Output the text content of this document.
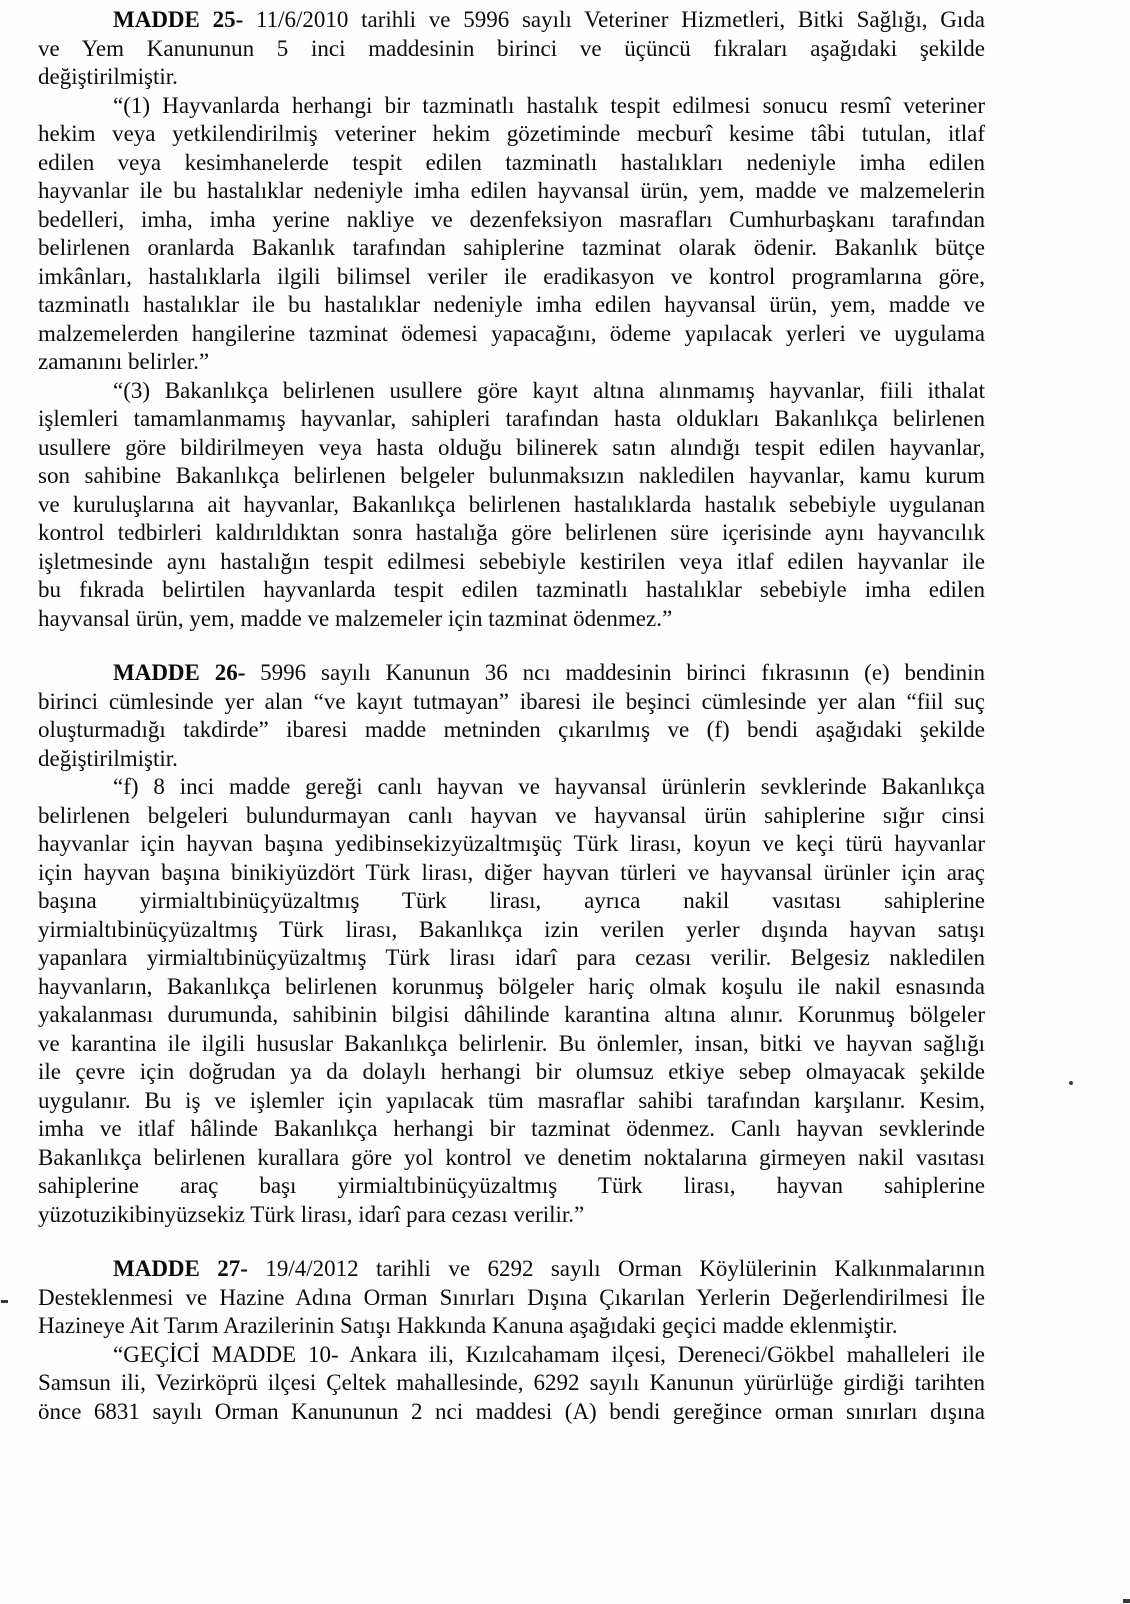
MADDE 25- 11/6/2010 tarihli ve 5996 sayılı Veteriner Hizmetleri, Bitki Sağlığı, Gıda
ve Yem Kanununun 5 inci maddesinin birinci ve üçüncü fıkraları aşağıdaki şekilde
değiştirilmiştir.

“(1) Hayvanlarda herhangi bir tazminatlı hastalık tespit edilmesi sonucu resmî veteriner
hekim veya yetkilendirilmiş veteriner hekim gözetiminde mecburî kesime tâbi tutulan, itlaf
edilen veya kesimhanelerde tespit edilen tazminatlı hastalıkları nedeniyle imha edilen
hayvanlar ile bu hastalıklar nedeniyle imha edilen hayvansal ürün, yem, madde ve malzemelerin
bedelleri, imha, imha yerine nakliye ve dezenfeksiyon masrafları Cumhurbaşkanı tarafından
belirlenen oranlarda Bakanlık tarafından sahiplerine tazminat olarak ödenir. Bakanlık bütçe
imkânları, hastalıklarla ilgili bilimsel veriler ile eradikasyon ve kontrol programlarına göre,
tazminatlı hastalıklar ile bu hastalıklar nedeniyle imha edilen hayvansal ürün, yem, madde ve
malzemelerden hangilerine tazminat ödemesi yapacağını, ödeme yapılacak yerleri ve uygulama
zamanını belirler.”

“(3) Bakanlıkça belirlenen usullere göre kayıt altına alınmamış hayvanlar, fiili ithalat
işlemleri tamamlanmamış hayvanlar, sahipleri tarafından hasta oldukları Bakanlıkça belirlenen
usullere göre bildirilmeyen veya hasta olduğu bilinerek satın alındığı tespit edilen hayvanlar,
son sahibine Bakanlıkça belirlenen belgeler bulunmaksızın nakledilen hayvanlar, kamu kurum
ve kuruluşlarına ait hayvanlar, Bakanlıkça belirlenen hastalıklarda hastalık sebebiyle uygulanan
kontrol tedbirleri kaldırıldıktan sonra hastalığa göre belirlenen süre içerisinde aynı hayvancılık
işletmesinde aynı hastalığın tespit edilmesi sebebiyle kestirilen veya itlaf edilen hayvanlar ile
bu fıkrada belirtilen hayvanlarda tespit edilen tazminatlı hastalıklar sebebiyle imha edilen
hayvansal ürün, yem, madde ve malzemeler için tazminat ödenmez.”

MADDE 26- 5996 sayılı Kanunun 36 ncı maddesinin birinci fıkrasının (e) bendinin
birinci cümlesinde yer alan “ve kayıt tutmayan” ibaresi ile beşinci cümlesinde yer alan “fiil suç
oluşturmadığı takdirde” ibaresi madde metninden çıkarılmış ve (f) bendi aşağıdaki şekilde
değiştirilmiştir.

“f) 8 inci madde gereği canlı hayvan ve hayvansal ürünlerin sevklerinde Bakanlıkça
belirlenen belgeleri bulundurmayan canlı hayvan ve hayvansal ürün sahiplerine sığır cinsi
hayvanlar için hayvan başına yedibinsekizyüzaltmışüç Türk lirası, koyun ve keçi türü hayvanlar
için hayvan başına binikiyüzdört Türk lirası, diğer hayvan türleri ve hayvansal ürünler için araç
başına yirmialtıbinüçyüzaltmış Türk lirası, ayrıca nakil vasıtası sahiplerine
yirmialtıbinüçyüzaltmış Türk lirası, Bakanlıkça izin verilen yerler dışında hayvan satışı
yapanlara yirmialtıbinüçyüzaltmış Türk lirası idarî para cezası verilir. Belgesiz nakledilen
hayvanların, Bakanlıkça belirlenen korunmuş bölgeler hariç olmak koşulu ile nakil esnasında
yakalanması durumunda, sahibinin bilgisi dâhilinde karantina altına alınır. Korunmuş bölgeler
ve karantina ile ilgili hususlar Bakanlıkça belirlenir. Bu önlemler, insan, bitki ve hayvan sağlığı
ile çevre için doğrudan ya da dolaylı herhangi bir olumsuz etkiye sebep olmayacak şekilde
uygulanır. Bu iş ve işlemler için yapılacak tüm masraflar sahibi tarafından karşılanır. Kesim,
imha ve itlaf hâlinde Bakanlıkça herhangi bir tazminat ödenmez. Canlı hayvan sevklerinde
Bakanlıkça belirlenen kurallara göre yol kontrol ve denetim noktalarına girmeyen nakil vasıtası
sahiplerine araç başı yirmialtıbinüçyüzaltmış Türk lirası, hayvan sahiplerine
yüzotuzikibinyüzsekiz Türk lirası, idarî para cezası verilir.”

MADDE 27- 19/4/2012 tarihli ve 6292 sayılı Orman Köylülerinin Kalkınmalarının
Desteklenmesi ve Hazine Adına Orman Sınırları Dışına Çıkarılan Yerlerin Değerlendirilmesi İle
Hazineye Ait Tarım Arazilerinin Satışı Hakkında Kanuna aşağıdaki geçici madde eklenmiştir.

“GEÇİCİ MADDE 10- Ankara ili, Kızılcahamam ilçesi, Dereneci/Gökbel mahalleleri ile
Samsun ili, Vezirköprü ilçesi Çeltek mahallesinde, 6292 sayılı Kanunun yürürlüğe girdiği tarihten
önce 6831 sayılı Orman Kanununun 2 nci maddesi (A) bendi gereğince orman sınırları dışına
